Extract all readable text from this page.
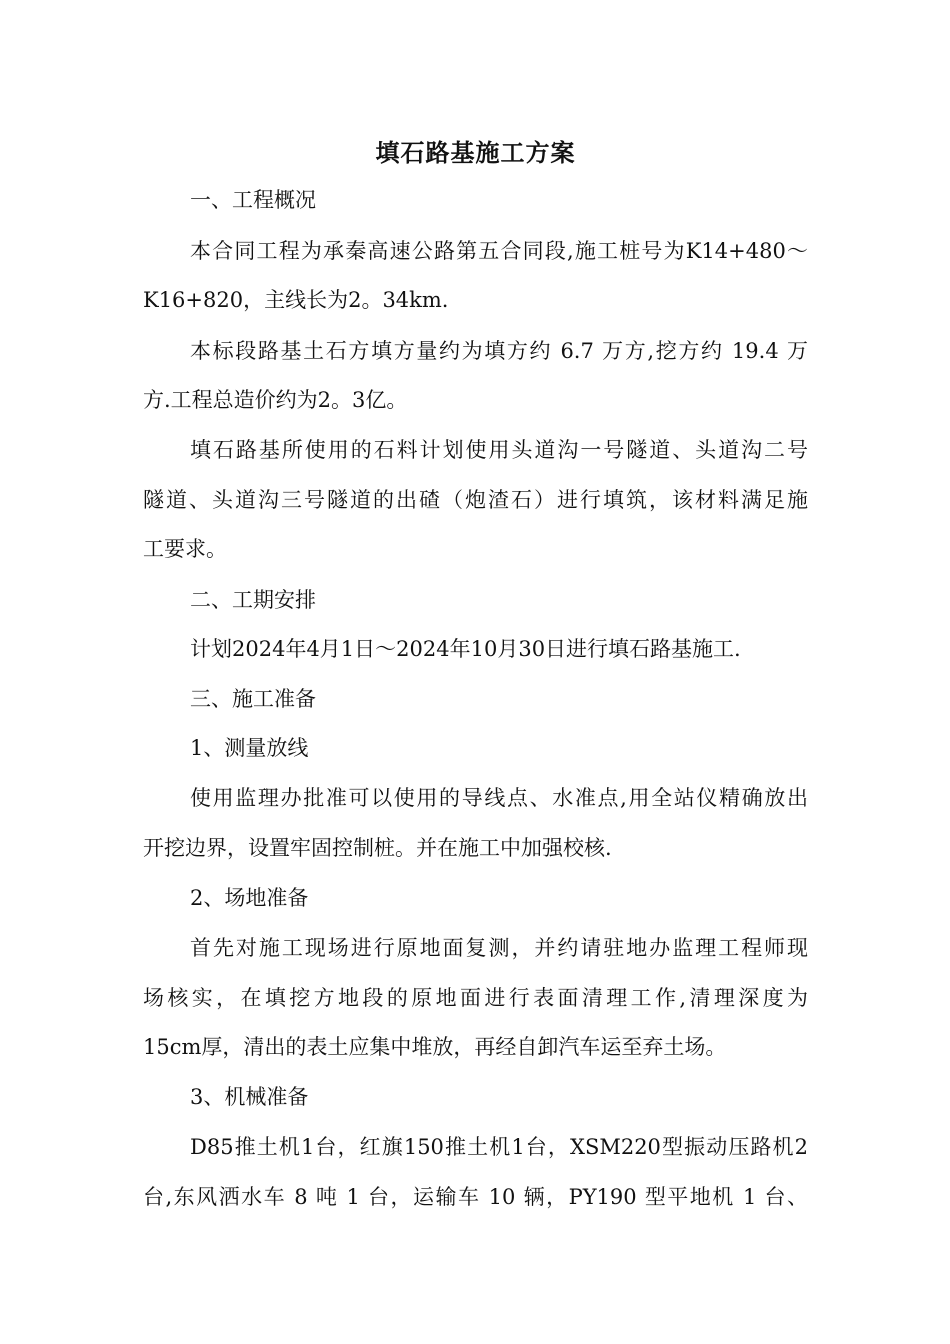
填石路基施工方案

一、工程概况

本合同工程为承秦高速公路第五合同段,施工桩号为K14+480～

K16+820，主线长为2。34km.

本标段路基土石方填方量约为填方约 6.7 万方,挖方约 19.4 万

方.工程总造价约为2。3亿。

填石路基所使用的石料计划使用头道沟一号隧道、头道沟二号

隧道、头道沟三号隧道的出碴（炮渣石）进行填筑，该材料满足施

工要求。

二、工期安排

计划2024年4月1日～2024年10月30日进行填石路基施工.

三、施工准备

1、测量放线

使用监理办批准可以使用的导线点、水准点,用全站仪精确放出

开挖边界，设置牢固控制桩。并在施工中加强校核.

2、场地准备

首先对施工现场进行原地面复测，并约请驻地办监理工程师现

场核实，在填挖方地段的原地面进行表面清理工作,清理深度为

15cm厚，清出的表土应集中堆放，再经自卸汽车运至弃土场。

3、机械准备

D85推土机1台，红旗150推土机1台，XSM220型振动压路机2

台,东风洒水车 8 吨 1 台，运输车 10 辆，PY190 型平地机 1 台、
